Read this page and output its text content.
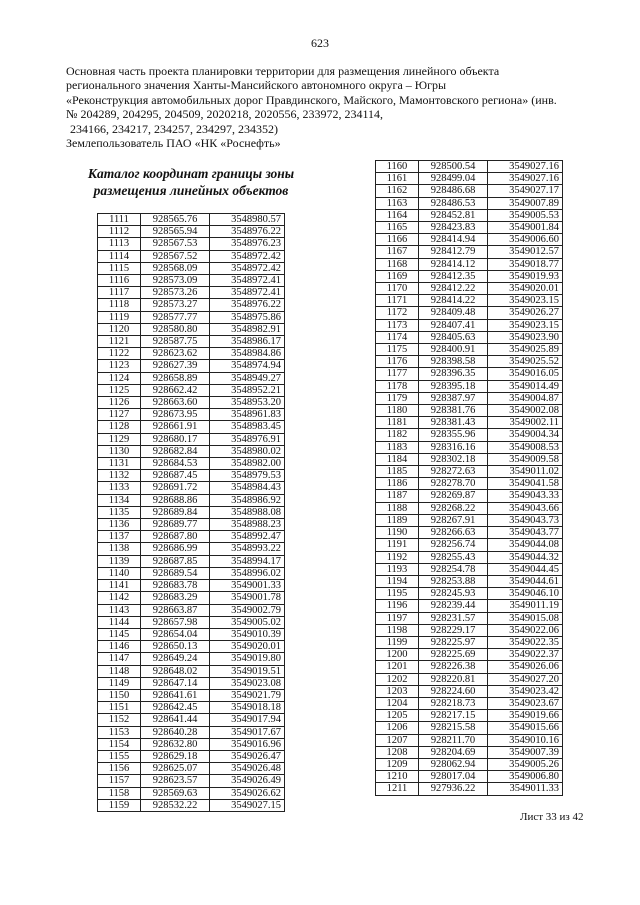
623
Основная часть проекта планировки территории для размещения линейного объекта
регионального значения Ханты-Мансийского автономного округа – Югры
«Реконструкция автомобильных дорог Правдинского, Майского, Мамонтовского региона» (инв.
№ 204289, 204295, 204509, 2020218, 2020556, 233972, 234114,
234166, 234217, 234257, 234297, 234352)
Землепользователь ПАО «НК «Роснефть»
Каталог координат границы зоны
размещения линейных объектов
1111	928565.76	3548980.57
1112	928565.94	3548976.22
1113	928567.53	3548976.23
1114	928567.52	3548972.42
1115	928568.09	3548972.42
1116	928573.09	3548972.41
1117	928573.26	3548972.41
1118	928573.27	3548976.22
1119	928577.77	3548975.86
1120	928580.80	3548982.91
1121	928587.75	3548986.17
1122	928623.62	3548984.86
1123	928627.39	3548974.94
1124	928658.89	3548949.27
1125	928662.42	3548952.21
1126	928663.60	3548953.20
1127	928673.95	3548961.83
1128	928661.91	3548983.45
1129	928680.17	3548976.91
1130	928682.84	3548980.02
1131	928684.53	3548982.00
1132	928687.45	3548979.53
1133	928691.72	3548984.43
1134	928688.86	3548986.92
1135	928689.84	3548988.08
1136	928689.77	3548988.23
1137	928687.80	3548992.47
1138	928686.99	3548993.22
1139	928687.85	3548994.17
1140	928689.54	3548996.02
1141	928683.78	3549001.33
1142	928683.29	3549001.78
1143	928663.87	3549002.79
1144	928657.98	3549005.02
1145	928654.04	3549010.39
1146	928650.13	3549020.01
1147	928649.24	3549019.80
1148	928648.02	3549019.51
1149	928647.14	3549023.08
1150	928641.61	3549021.79
1151	928642.45	3549018.18
1152	928641.44	3549017.94
1153	928640.28	3549017.67
1154	928632.80	3549016.96
1155	928629.18	3549026.47
1156	928625.07	3549026.48
1157	928623.57	3549026.49
1158	928569.63	3549026.62
1159	928532.22	3549027.15
1160	928500.54	3549027.16
1161	928499.04	3549027.16
1162	928486.68	3549027.17
1163	928486.53	3549007.89
1164	928452.81	3549005.53
1165	928423.83	3549001.84
1166	928414.94	3549006.60
1167	928412.79	3549012.57
1168	928414.12	3549018.77
1169	928412.35	3549019.93
1170	928412.22	3549020.01
1171	928414.22	3549023.15
1172	928409.48	3549026.27
1173	928407.41	3549023.15
1174	928405.63	3549023.90
1175	928400.91	3549025.89
1176	928398.58	3549025.52
1177	928396.35	3549016.05
1178	928395.18	3549014.49
1179	928387.97	3549004.87
1180	928381.76	3549002.08
1181	928381.43	3549002.11
1182	928355.96	3549004.34
1183	928316.16	3549008.53
1184	928302.18	3549009.58
1185	928272.63	3549011.02
1186	928278.70	3549041.58
1187	928269.87	3549043.33
1188	928268.22	3549043.66
1189	928267.91	3549043.73
1190	928266.63	3549043.77
1191	928256.74	3549044.08
1192	928255.43	3549044.32
1193	928254.78	3549044.45
1194	928253.88	3549044.61
1195	928245.93	3549046.10
1196	928239.44	3549011.19
1197	928231.57	3549015.08
1198	928229.17	3549022.06
1199	928225.97	3549022.35
1200	928225.69	3549022.37
1201	928226.38	3549026.06
1202	928220.81	3549027.20
1203	928224.60	3549023.42
1204	928218.73	3549023.67
1205	928217.15	3549019.66
1206	928215.58	3549015.66
1207	928211.70	3549010.16
1208	928204.69	3549007.39
1209	928062.94	3549005.26
1210	928017.04	3549006.80
1211	927936.22	3549011.33
Лист 33 из 42
